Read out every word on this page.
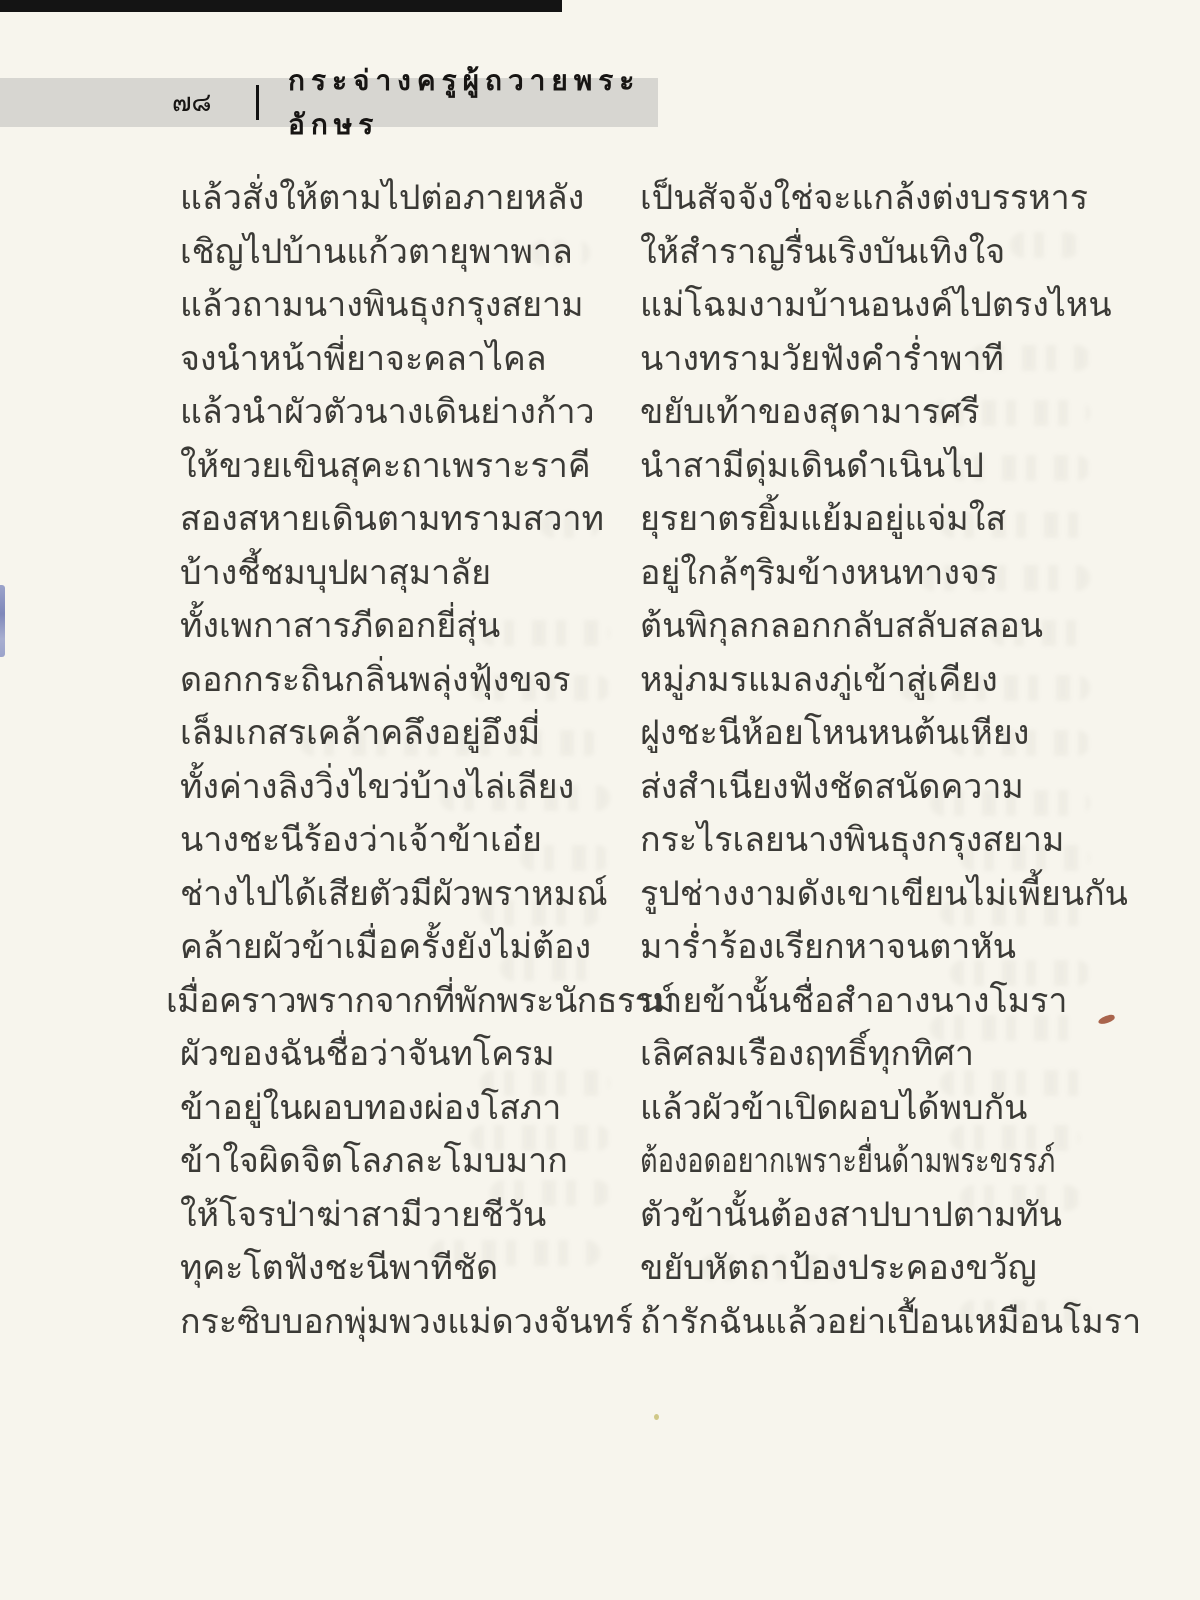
๗๘
กระจ่างครูผู้ถวายพระอักษร
แล้วสั่งให้ตามไปต่อภายหลัง
เชิญไปบ้านแก้วตายุพาพาล
แล้วถามนางพินธุงกรุงสยาม
จงนำหน้าพี่ยาจะคลาไคล
แล้วนำผัวตัวนางเดินย่างก้าว
ให้ขวยเขินสุคะถาเพราะราคี
สองสหายเดินตามทรามสวาท
บ้างชี้ชมบุปผาสุมาลัย
ทั้งเพกาสารภีดอกยี่สุ่น
ดอกกระถินกลิ่นพลุ่งฟุ้งขจร
เล็มเกสรเคล้าคลึงอยู่อึงมี่
ทั้งค่างลิงวิ่งไขว่บ้างไล่เลียง
นางชะนีร้องว่าเจ้าข้าเอ๋ย
ช่างไปได้เสียตัวมีผัวพราหมณ์
คล้ายผัวข้าเมื่อครั้งยังไม่ต้อง
เมื่อคราวพรากจากที่พักพระนักธรรม์
ผัวของฉันชื่อว่าจันทโครม
ข้าอยู่ในผอบทองผ่องโสภา
ข้าใจผิดจิตโลภละโมบมาก
ให้โจรป่าฆ่าสามีวายชีวัน
ทุคะโตฟังชะนีพาทีชัด
กระซิบบอกพุ่มพวงแม่ดวงจันทร์
เป็นสัจจังใช่จะแกล้งต่งบรรหาร
ให้สำราญรื่นเริงบันเทิงใจ
แม่โฉมงามบ้านอนงค์ไปตรงไหน
นางทรามวัยฟังคำร่ำพาที
ขยับเท้าของสุดามารศรี
นำสามีดุ่มเดินดำเนินไป
ยุรยาตรยิ้มแย้มอยู่แจ่มใส
อยู่ใกล้ๆริมข้างหนทางจร
ต้นพิกุลกลอกกลับสลับสลอน
หมู่ภมรแมลงภู่เข้าสู่เคียง
ฝูงชะนีห้อยโหนหนต้นเหียง
ส่งสำเนียงฟังชัดสนัดความ
กระไรเลยนางพินธุงกรุงสยาม
รูปช่างงามดังเขาเขียนไม่เพี้ยนกัน
มาร่ำร้องเรียกหาจนตาหัน
นายข้านั้นชื่อสำอางนางโมรา
เลิศลมเรืองฤทธิ์ทุกทิศา
แล้วผัวข้าเปิดผอบได้พบกัน
ต้องอดอยากเพราะยื่นด้ามพระขรรภ์
ตัวข้านั้นต้องสาปบาปตามทัน
ขยับหัตถาป้องประคองขวัญ
ถ้ารักฉันแล้วอย่าเปื้อนเหมือนโมรา
